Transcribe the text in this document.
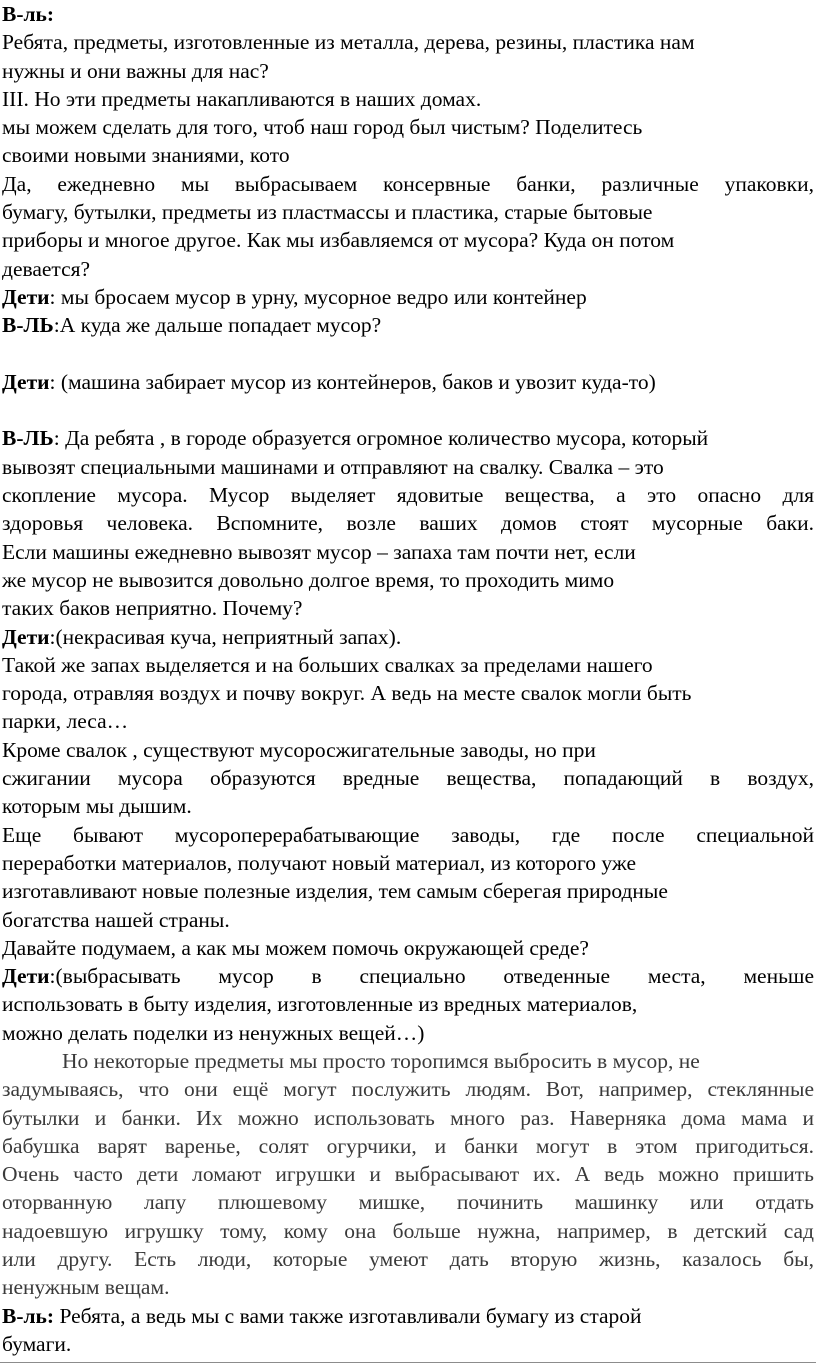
В-ль:
Ребята, предметы, изготовленные из металла, дерева, резины, пластика нам
нужны и они важны для нас?
III. Но эти предметы накапливаются в наших домах.
мы можем сделать для того, чтоб наш город был чистым? Поделитесь
своими новыми знаниями, кото
Да, ежедневно мы выбрасываем консервные банки, различные упаковки,
бумагу, бутылки, предметы из пластмассы и пластика, старые бытовые
приборы и многое другое. Как мы избавляемся от мусора? Куда он потом
девается?
Дети: мы бросаем мусор в урну, мусорное ведро или контейнер
В-ЛЬ:А куда же дальше попадает мусор?
Дети: (машина забирает мусор из контейнеров, баков и увозит куда-то)
В-ЛЬ: Да ребята , в городе образуется огромное количество мусора, который
вывозят специальными машинами и отправляют на свалку. Свалка – это
скопление мусора. Мусор выделяет ядовитые вещества, а это опасно для
здоровья человека. Вспомните, возле ваших домов стоят мусорные баки.
Если машины ежедневно вывозят мусор – запаха там почти нет, если
же мусор не вывозится довольно долгое время, то проходить мимо
таких баков неприятно. Почему?
Дети:(некрасивая куча, неприятный запах).
Такой же запах выделяется и на больших свалках за пределами нашего
города, отравляя воздух и почву вокруг. А ведь на месте свалок могли быть
парки, леса…
Кроме свалок , существуют мусоросжигательные заводы, но при
сжигании мусора образуются вредные вещества, попадающий в воздух,
которым мы дышим.
Еще бывают мусороперерабатывающие заводы, где после специальной
переработки материалов, получают новый материал, из которого уже
изготавливают новые полезные изделия, тем самым сберегая природные
богатства нашей страны.
Давайте подумаем, а как мы можем помочь окружающей среде?
Дети:(выбрасывать мусор в специально отведенные места, меньше
использовать в быту изделия, изготовленные из вредных материалов,
можно делать поделки из ненужных вещей…)
Но некоторые предметы мы просто торопимся выбросить в мусор, не
задумываясь, что они ещё могут послужить людям. Вот, например, стеклянные
бутылки и банки. Их можно использовать много раз. Наверняка дома мама и
бабушка варят варенье, солят огурчики, и банки могут в этом пригодиться.
Очень часто дети ломают игрушки и выбрасывают их. А ведь можно пришить
оторванную лапу плюшевому мишке, починить машинку или отдать
надоевшую игрушку тому, кому она больше нужна, например, в детский сад
или другу. Есть люди, которые умеют дать вторую жизнь, казалось бы,
ненужным вещам.
В-ль: Ребята, а ведь мы с вами также изготавливали бумагу из старой
бумаги.
